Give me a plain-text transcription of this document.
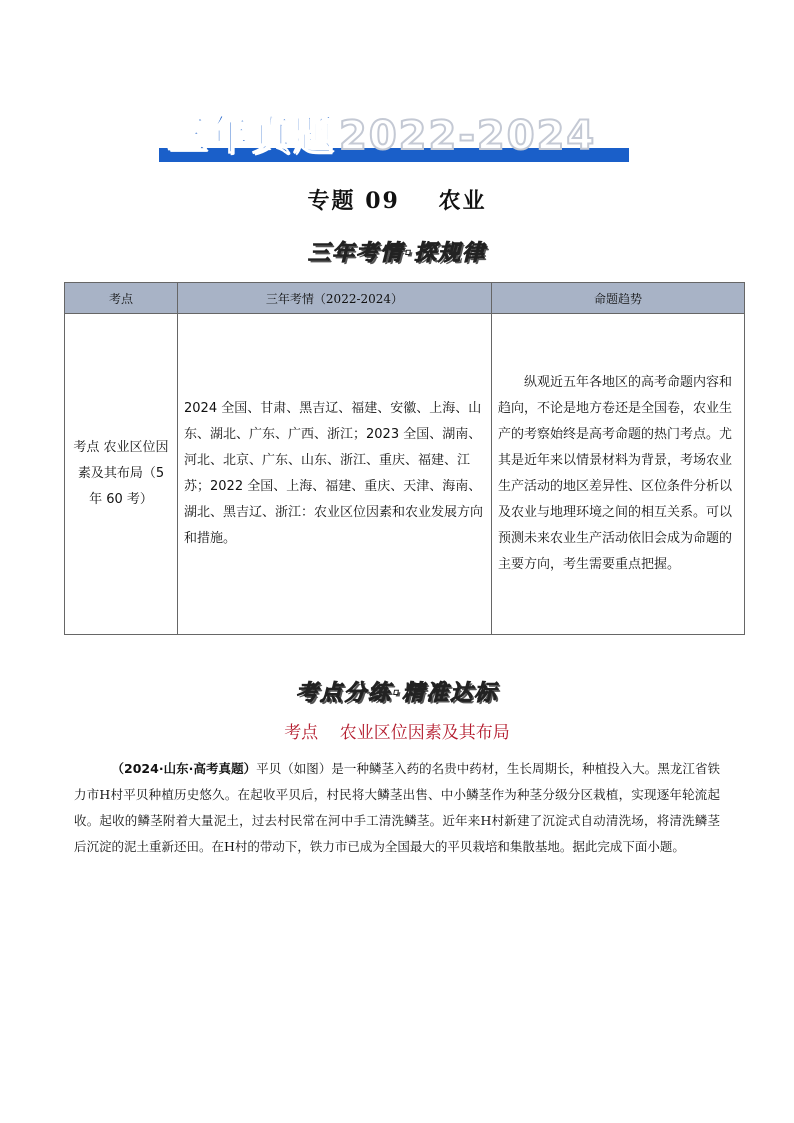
三年真题 2022-2024
专题 09    农业
三年考情·探规律
考点	三年考情（2022-2024）	命题趋势
考点 农业区位因素及其布局（5 年 60 考）	2024 全国、甘肃、黑吉辽、福建、安徽、上海、山东、湖北、广东、广西、浙江；2023 全国、湖南、河北、北京、广东、山东、浙江、重庆、福建、江苏；2022 全国、上海、福建、重庆、天津、海南、湖北、黑吉辽、浙江：农业区位因素和农业发展方向和措施。	纵观近五年各地区的高考命题内容和趋向，不论是地方卷还是全国卷，农业生产的考察始终是高考命题的热门考点。尤其是近年来以情景材料为背景，考场农业生产活动的地区差异性、区位条件分析以及农业与地理环境之间的相互关系。可以预测未来农业生产活动依旧会成为命题的主要方向，考生需要重点把握。
考点分练·精准达标
考点    农业区位因素及其布局
（2024·山东·高考真题）平贝（如图）是一种鳞茎入药的名贵中药材，生长周期长，种植投入大。黑龙江省铁力市H村平贝种植历史悠久。在起收平贝后，村民将大鳞茎出售、中小鳞茎作为种茎分级分区栽植，实现逐年轮流起收。起收的鳞茎附着大量泥土，过去村民常在河中手工清洗鳞茎。近年来H村新建了沉淀式自动清洗场，将清洗鳞茎后沉淀的泥土重新还田。在H村的带动下，铁力市已成为全国最大的平贝栽培和集散基地。据此完成下面小题。
